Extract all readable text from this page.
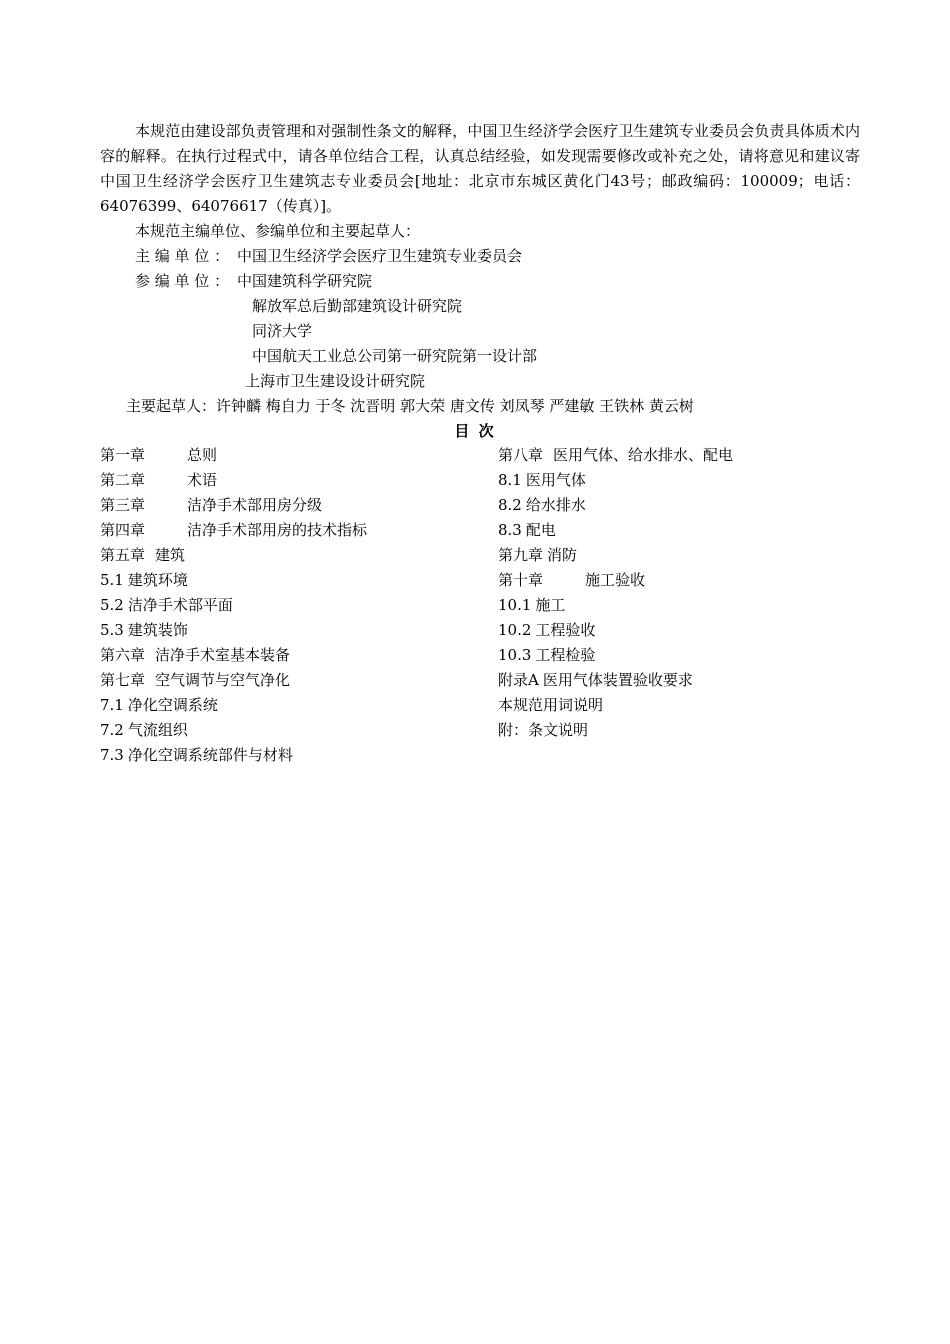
本规范由建设部负责管理和对强制性条文的解释，中国卫生经济学会医疗卫生建筑专业委员会负责具体质术内容的解释。在执行过程式中，请各单位结合工程，认真总结经验，如发现需要修改或补充之处，请将意见和建议寄中国卫生经济学会医疗卫生建筑志专业委员会[地址：北京市东城区黄化门43号；邮政编码：100009；电话：64076399、64076617（传真）]。
本规范主编单位、参编单位和主要起草人：
主 编 单 位 ： 中国卫生经济学会医疗卫生建筑专业委员会
参 编 单 位 ： 中国建筑科学研究院
解放军总后勤部建筑设计研究院
同济大学
中国航天工业总公司第一研究院第一设计部
上海市卫生建设设计研究院
主要起草人：许钟麟 梅自力 于冬 沈晋明 郭大荣 唐文传 刘凤琴 严建敏 王铁林 黄云树
目 次
第一章	总则
第二章	术语
第三章	洁净手术部用房分级
第四章	洁净手术部用房的技术指标
第五章 建筑
5.1 建筑环境
5.2 洁净手术部平面
5.3 建筑装饰
第六章 洁净手术室基本装备
第七章 空气调节与空气净化
7.1 净化空调系统
7.2 气流组织
7.3 净化空调系统部件与材料
第八章 医用气体、给水排水、配电
8.1 医用气体
8.2 给水排水
8.3 配电
第九章 消防
第十章	施工验收
10.1 施工
10.2 工程验收
10.3 工程检验
附录A 医用气体装置验收要求
本规范用词说明
附：条文说明
